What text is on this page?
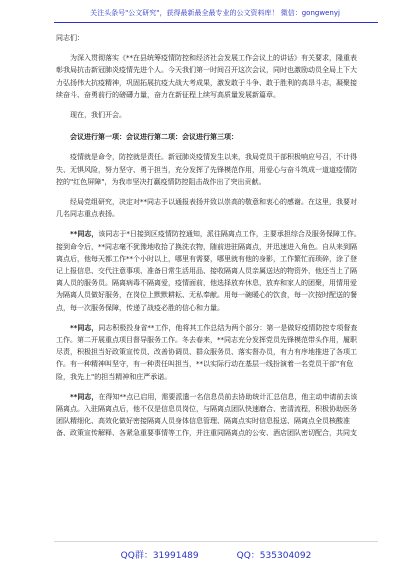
关注头条号"公文研究"，获得最新最全最专业的公文资料库！ 微信：gongwenyj

同志们：

为深入贯彻落实《**在县统筹疫情防控和经济社会发展工作会议上的讲话》有关要求，隆重表彰我局抗击新冠肺炎疫情先进个人。今天我们第一时间召开这次会议，同时也激励动员全局上下大力弘扬伟大抗疫精神，巩固拓展抗疫大战大考成果，激发敢于斗争、敢于胜利的高昂斗志，凝聚接续奋斗、奋勇前行的磅礴力量，奋力在新征程上续写高质量发展新篇章。

现在，我们开会。

会议进行第一项：会议进行第二项：会议进行第三项：

疫情就是命令，防控就是责任。新冠肺炎疫情发生以来，我局党员干部积极响应号召，不计得失、无惧风险，努力坚守、勇于担当，充分发挥了先锋模范作用，用爱心与奋斗筑成一道道疫情防控的"红色屏障"，为我市坚决打赢疫情防控阻击战作出了突出贡献。

经局党组研究，决定对**同志予以通报表扬并致以崇高的敬意和衷心的感谢。在这里，我要对几名同志重点表扬。

**同志，该同志于*日接到区疫情防控通知，派往隔离点工作，主要承担综合及服务保障工作。接到命令后，**同志毫不犹豫地收拾了换洗衣物，随前进驻隔离点，并迅速进入角色。自从来到隔离点后，他每天都工作**个小时以上，哪里有需要，哪里就有他的身影，工作繁忙而琐碎，涂了登记上报信息、交代注意事项、准备日常生活用品、接收隔离人员亲属送达的物资外，他还当上了隔离人员的服务员。隔离病毒不隔离爱，疫情面前，他选择放弃休息，放弃和家人的团聚，用情用爱为隔离人员做好服务，在岗位上默默耕耘、无私奉献。用每一碗暖心的饮食，每一次按时配送的餐点，每一次服务保障，传递了战疫必胜的信心和力量。

**同志，同志积极投身省**工作，他将其工作总结为两个部分：第一是做好疫情防控专项督查工作。第二开展重点项目督导服务工作。冬去春来，**同志充分发挥党员先锋模范带头作用，履职尽责，积极担当好政策宣传员、改善协调员、群众服务员、落实督办员，有力有序地推进了各项工作。有一种精神叫坚守，有一种责任叫担当，**以实际行动在基层一线扮演着一名党员干部"有危险，我先上"的担当精神和庄严承诺。

**同志，在得知**点已启用，需要派遣一名信息员前去协助统计汇总信息，他主动申请前去该隔离点。入驻隔离点后，他不仅是信息员岗位，与隔离点团队快速磨合、密清流程，积极协助医务团队精细化、高效化做好密接隔离人员身体信息管理、隔离点实时信息报送、隔离点全员核酸准备、政策宣传解释、各紧急重要事情等工作，并注重同隔离点的公安、酒店团队密切配合，共同支

QQ群：31991489	QQ：535304092
